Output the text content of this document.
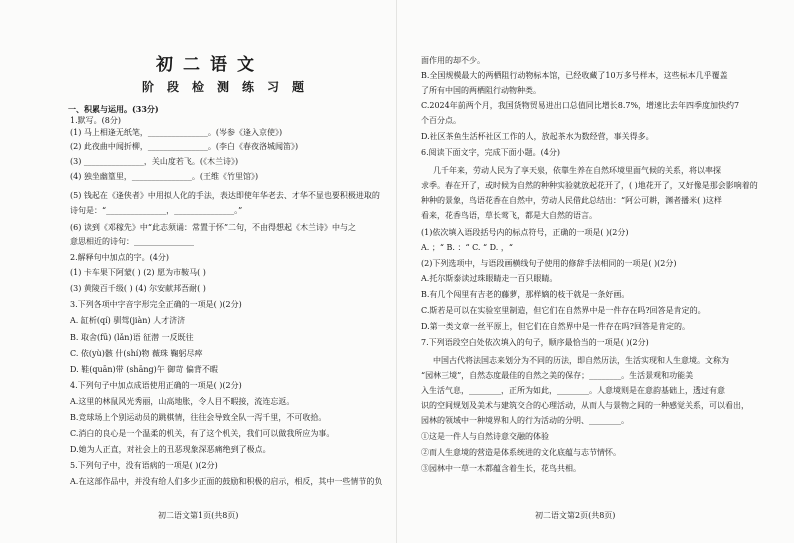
初二语文
阶段检测练习题
一、积累与运用。(33分)
1.默写。(8分)
(1) 马上相逢无纸笔，_______________。(岑参《逢入京使》)
(2) 此夜曲中闻折柳，_______________。(李白《春夜洛城闻笛》)
(3) _______________，关山度若飞。(《木兰诗》)
(4) 独坐幽篁里，_______________。(王维《竹里馆》)
(5) 钱起在《逢侠者》中用拟人化的手法，表达即使年华老去、才华不显也要积极进取的
诗句是：“_______________，_______________。”
(6) 读到《邓稼先》中“此志须诵：常置于怀”二句，不由得想起《木兰诗》中与之
意思相近的诗句：_______________
2.解释句中加点的字。(4分)
(1) 卡车果下阿蒙( ) (2) 愿为市鞍马( )
(3) 黄陵百千级( ) (4) 尔安献邦吾耐( )
3.下列各项中字音字形完全正确的一项是( )(2分)
A. 缸析(qí) 驯驾(jiàn) 人才济济
B. 取舍(fū) (lǎn)语 征潜 一反既往
C. 依(yù)骸 什(shí)物 薇珠 鞠躬尽瘁
D. 鞋(quān)带 (shāng)午 御苛 偏背不暇
4.下列句子中加点成语使用正确的一项是( )(2分)
A.这里的林鼠风光秀丽，山高地胀，令人目不暇接，流连忘返。
B.竞球场上个别运动员的跳棋情，往往会导致全队一泻千里，不可收拾。
C.消白的良心是一个温柔的机关，有了这个机关，我们可以做我所应为事。
D.她为人正直，对社会上的丑恶现象深恶痛绝到了极点。
5.下列句子中，没有语病的一项是( )(2分)
A.在这部作品中，并没有给人们多少正面的鼓励和积极的启示，相反，其中一些情节的负
初二语文第1页(共8页)
面作用的却不少。
B.全国规模最大的两栖阻行动物标本馆，已经收藏了10万多号样本，这些标本几乎覆盖
了所有中国的两栖阻行动物种类。
C.2024年前两个月，我国货物贸易进出口总值同比增长8.7%，增速比去年四季度加快约7
个百分点。
D.社区茶鱼生活杯社区工作的人，放起茶水为数经营，事关得多。
6.阅读下面文字，完成下面小题。(4分)
几千年来，劳动人民为了享天泉，依靠生养在自然环境里面气候的关系，将以率探
求季。春在开了，或时候为自然的种种实验就放起花开了，( )地花开了，又好像是那会影响着的
种种的景象，鸟语花香在自然中，劳动人民借此总结出：“阿公可耕，渊者播米( )这样
看来，花香鸟语，草长莺飞，都是大自然的语言。
(1)依次填入语段括号内的标点符号，正确的一项是( )(2分)
A. ；“ B. ：“ C. “ D. ，“
(2)下列选项中，与语段画横线句子使用的修辞手法相同的一项是( )(2分)
A.托尔斯泰读过珠眼睛走一百只眼睛。
B.有几个闯里有吉老的藤萝，那样嫡的枝干就是一条好画。
C.斯若是可以在实验室里制造，但它们在自然界中是一件存在吗?回答是肯定的。
D.第一类文章一丝平原上，但它们在自然界中是一件存在吗?回答是肯定的。
7.下列语段空白处依次填入的句子，顺序最恰当的一项是( )(2分)
中国古代将法国志来划分为不同的历法，即自然历法，生活实现和人生意境。文称为
“园林三境”，自然态度最佳的自然之美的保存；________。生活景观和功能美
入生活气息，________，正所为如此，________。人意境则是在意韵基础上，透过有意
识的空间规划及美术与建筑交合的心理活动，从而人与景物之间的一种感觉关系，可以看出，
园林的领域中一种境界和人的行为活动的分明、________。
①这是一件人与自然诗意交融的体验
②而人生意境的营造是体系统进的文化底蕴与志节情怀。
③园林中一草一木都蕴含着生长，花鸟共相。
初二语文第2页(共8页)
